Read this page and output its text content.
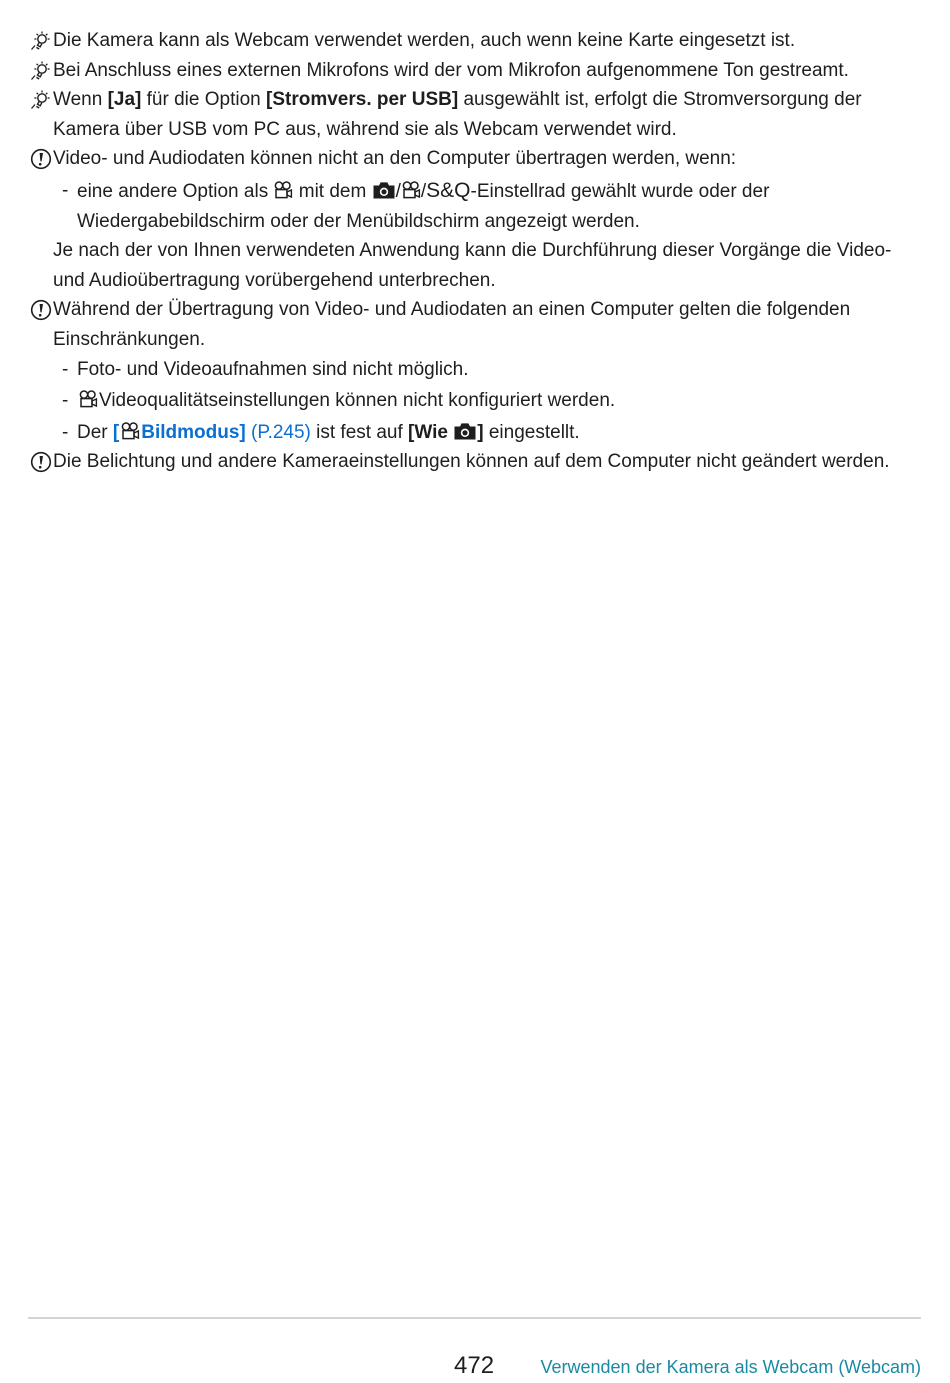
Die Kamera kann als Webcam verwendet werden, auch wenn keine Karte eingesetzt ist.
Bei Anschluss eines externen Mikrofons wird der vom Mikrofon aufgenommene Ton gestreamt.
Wenn [Ja] für die Option [Stromvers. per USB] ausgewählt ist, erfolgt die Stromversorgung der Kamera über USB vom PC aus, während sie als Webcam verwendet wird.
Video- und Audiodaten können nicht an den Computer übertragen werden, wenn:
- eine andere Option als  mit dem / /S&Q-Einstellrad gewählt wurde oder der
Wiedergabebildschirm oder der Menübildschirm angezeigt werden.
Je nach der von Ihnen verwendeten Anwendung kann die Durchführung dieser Vorgänge die Video-
und Audioübertragung vorübergehend unterbrechen.
Während der Übertragung von Video- und Audiodaten an einen Computer gelten die folgenden
Einschränkungen.
- Foto- und Videoaufnahmen sind nicht möglich.
- Videoqualitätseinstellungen können nicht konfiguriert werden.
- Der [ Bildmodus] (P.245) ist fest auf [Wie ] eingestellt.
Die Belichtung und andere Kameraeinstellungen können auf dem Computer nicht geändert werden.
472	Verwenden der Kamera als Webcam (Webcam)
